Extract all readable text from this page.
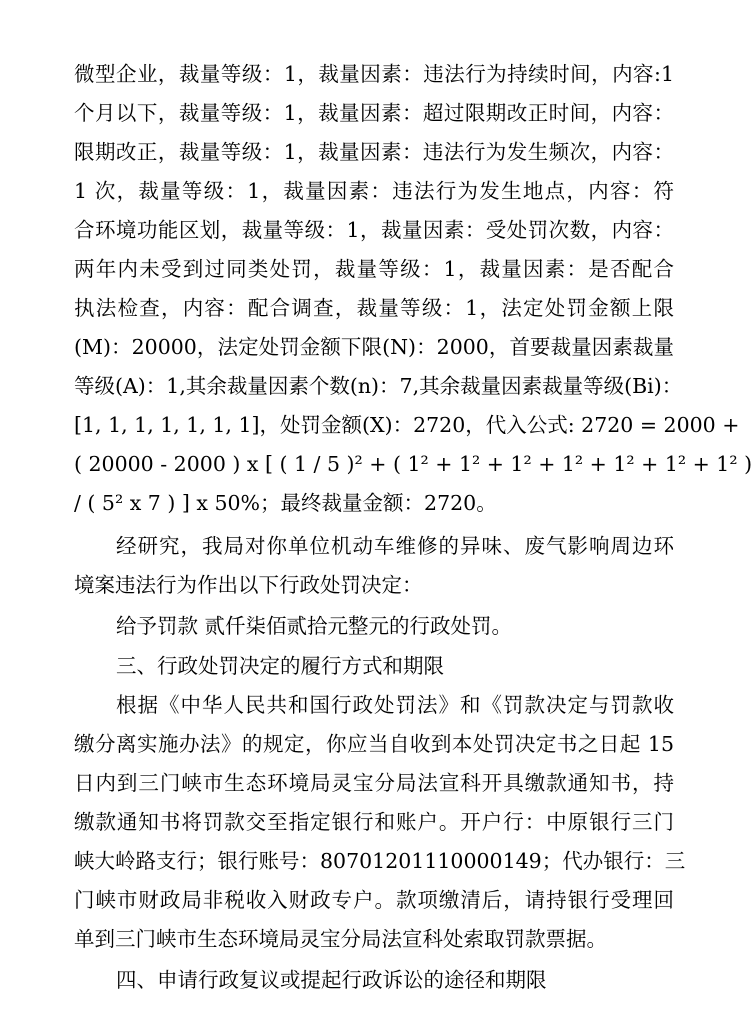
微型企业，裁量等级：1，裁量因素：违法行为持续时间，内容:1
个月以下，裁量等级：1，裁量因素：超过限期改正时间，内容：
限期改正，裁量等级：1，裁量因素：违法行为发生频次，内容：
1 次，裁量等级：1，裁量因素：违法行为发生地点，内容：符
合环境功能区划，裁量等级：1，裁量因素：受处罚次数，内容：
两年内未受到过同类处罚，裁量等级：1，裁量因素：是否配合
执法检查，内容：配合调查，裁量等级：1，法定处罚金额上限
(M)：20000，法定处罚金额下限(N)：2000，首要裁量因素裁量
等级(A)：1,其余裁量因素个数(n)：7,其余裁量因素裁量等级(Bi)：
[1, 1, 1, 1, 1, 1, 1]，处罚金额(X)：2720，代入公式: 2720 = 2000 +
( 20000 - 2000 ) x [ ( 1 / 5 )² + ( 1² + 1² + 1² + 1² + 1² + 1² + 1² )
/ ( 5² x 7 ) ] x 50%；最终裁量金额：2720。
经研究，我局对你单位机动车维修的异味、废气影响周边环
境案违法行为作出以下行政处罚决定：
给予罚款 贰仟柒佰贰拾元整元的行政处罚。
三、行政处罚决定的履行方式和期限
根据《中华人民共和国行政处罚法》和《罚款决定与罚款收
缴分离实施办法》的规定，你应当自收到本处罚决定书之日起 15
日内到三门峡市生态环境局灵宝分局法宣科开具缴款通知书，持
缴款通知书将罚款交至指定银行和账户。开户行：中原银行三门
峡大岭路支行；银行账号：80701201110000149；代办银行：三
门峡市财政局非税收入财政专户。款项缴清后，请持银行受理回
单到三门峡市生态环境局灵宝分局法宣科处索取罚款票据。
四、申请行政复议或提起行政诉讼的途径和期限
